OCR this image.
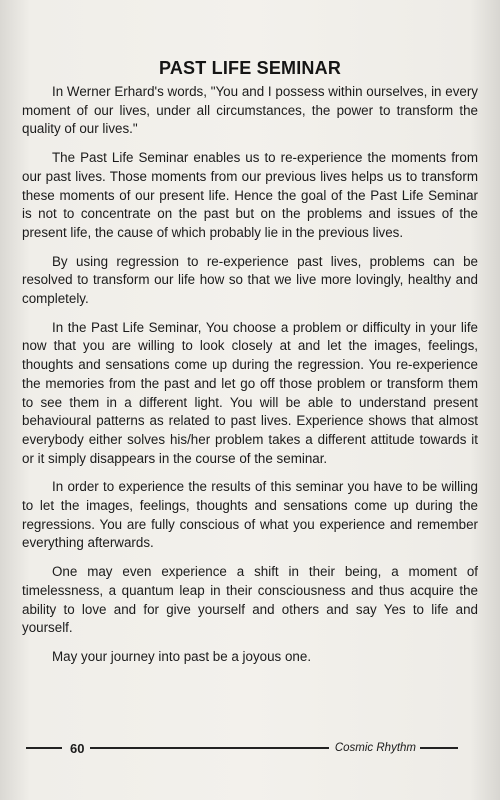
PAST LIFE SEMINAR

In Werner Erhard's words, "You and I possess within ourselves, in every moment of our lives, under all circumstances, the power to transform the quality of our lives."

The Past Life Seminar enables us to re-experience the moments from our past lives. Those moments from our previous lives helps us to transform these moments of our present life. Hence the goal of the Past Life Seminar is not to concentrate on the past but on the problems and issues of the present life, the cause of which probably lie in the previous lives.

By using regression to re-experience past lives, problems can be resolved to transform our life how so that we live more lovingly, healthy and completely.

In the Past Life Seminar, You choose a problem or difficulty in your life now that you are willing to look closely at and let the images, feelings, thoughts and sensations come up during the regression. You re-experience the memories from the past and let go off those problem or transform them to see them in a different light. You will be able to understand present behavioural patterns as related to past lives. Experience shows that almost everybody either solves his/her problem takes a different attitude towards it or it simply disappears in the course of the seminar.

In order to experience the results of this seminar you have to be willing to let the images, feelings, thoughts and sensations come up during the regressions. You are fully conscious of what you experience and remember everything afterwards.

One may even experience a shift in their being, a moment of timelessness, a quantum leap in their consciousness and thus acquire the ability to love and for give yourself and others and say Yes to life and yourself.

May your journey into past be a joyous one.

60	Cosmic Rhythm
